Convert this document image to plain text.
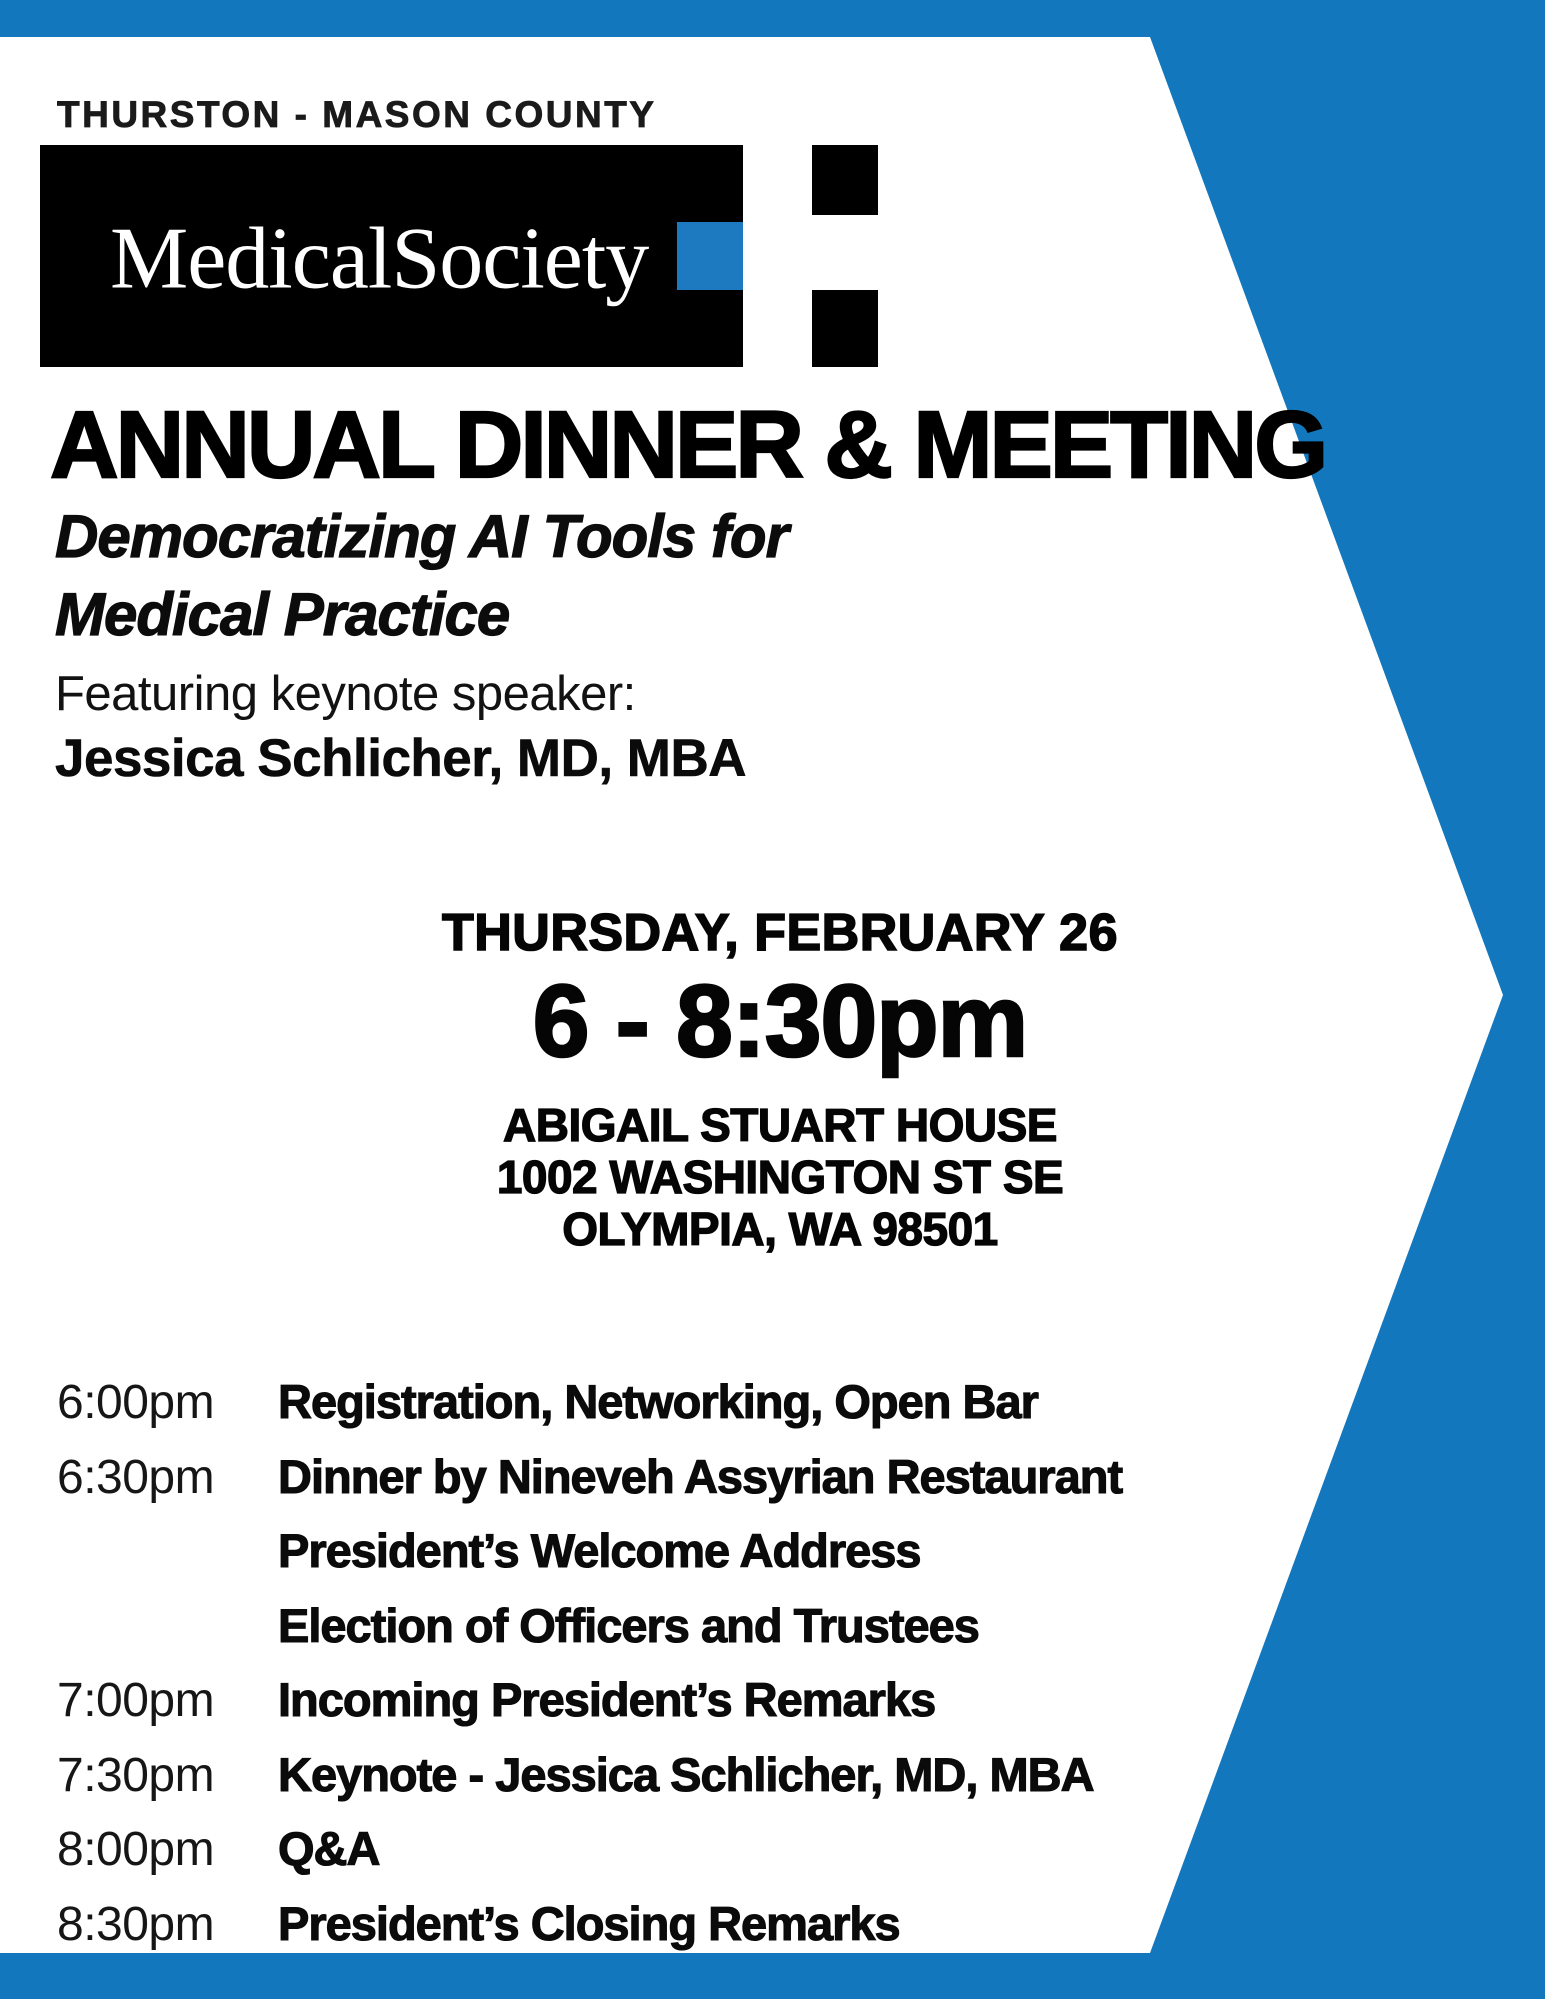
THURSTON - MASON COUNTY
MedicalSociety
ANNUAL DINNER & MEETING
Democratizing AI Tools for
Medical Practice
Featuring keynote speaker:
Jessica Schlicher, MD, MBA
THURSDAY, FEBRUARY 26
6 - 8:30pm
ABIGAIL STUART HOUSE
1002 WASHINGTON ST SE
OLYMPIA, WA 98501
6:00pm	Registration, Networking, Open Bar
6:30pm	Dinner by Nineveh Assyrian Restaurant
President’s Welcome Address
Election of Officers and Trustees
7:00pm	Incoming President’s Remarks
7:30pm	Keynote - Jessica Schlicher, MD, MBA
8:00pm	Q&A
8:30pm	President’s Closing Remarks
